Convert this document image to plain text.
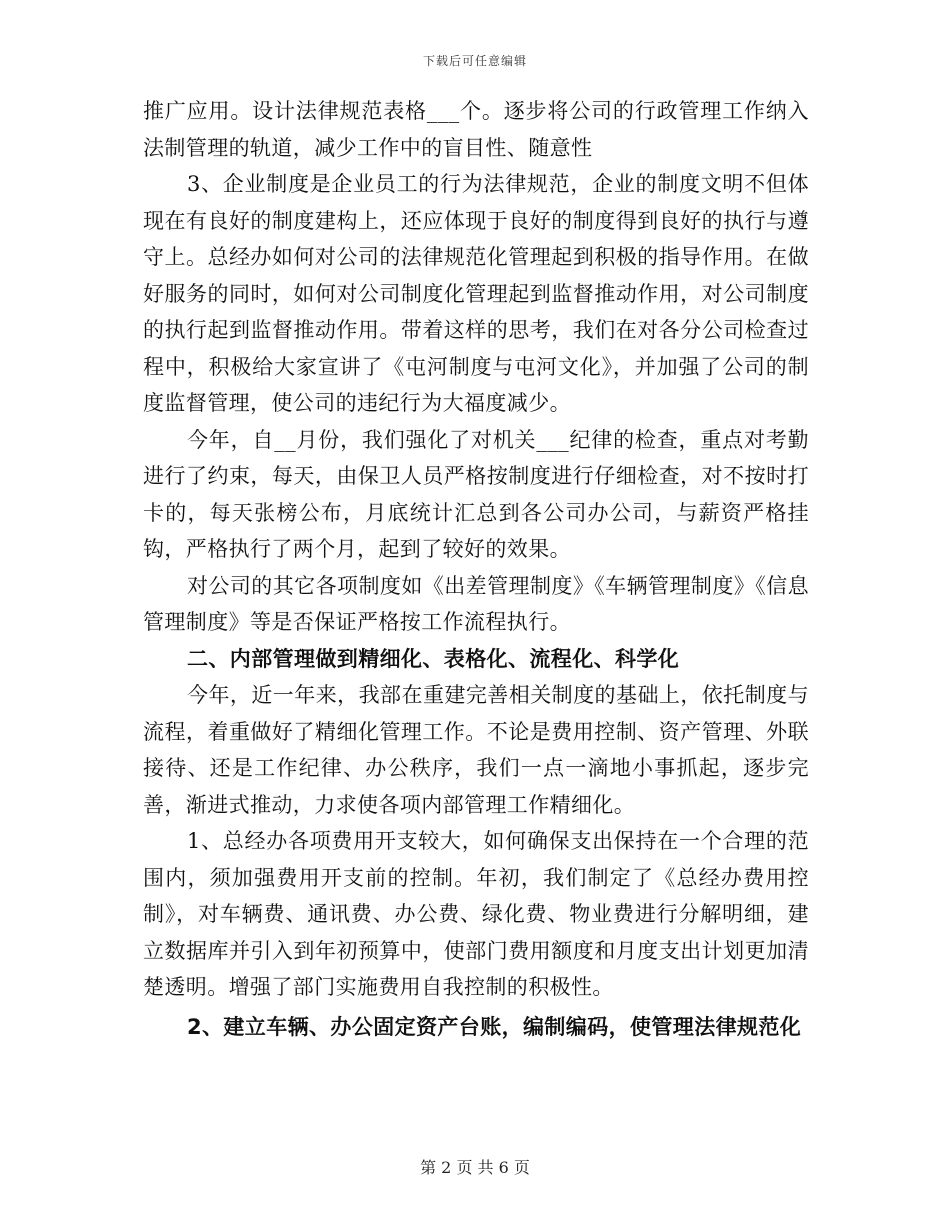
下载后可任意编辑

推广应用。设计法律规范表格___个。逐步将公司的行政管理工作纳入法制管理的轨道，减少工作中的盲目性、随意性

3、企业制度是企业员工的行为法律规范，企业的制度文明不但体现在有良好的制度建构上，还应体现于良好的制度得到良好的执行与遵守上。总经办如何对公司的法律规范化管理起到积极的指导作用。在做好服务的同时，如何对公司制度化管理起到监督推动作用，对公司制度的执行起到监督推动作用。带着这样的思考，我们在对各分公司检查过程中，积极给大家宣讲了《屯河制度与屯河文化》，并加强了公司的制度监督管理，使公司的违纪行为大福度减少。

今年，自__月份，我们强化了对机关___纪律的检查，重点对考勤进行了约束，每天，由保卫人员严格按制度进行仔细检查，对不按时打卡的，每天张榜公布，月底统计汇总到各公司办公司，与薪资严格挂钩，严格执行了两个月，起到了较好的效果。

对公司的其它各项制度如《出差管理制度》《车辆管理制度》《信息管理制度》等是否保证严格按工作流程执行。

二、内部管理做到精细化、表格化、流程化、科学化

今年，近一年来，我部在重建完善相关制度的基础上，依托制度与流程，着重做好了精细化管理工作。不论是费用控制、资产管理、外联接待、还是工作纪律、办公秩序，我们一点一滴地小事抓起，逐步完善，渐进式推动，力求使各项内部管理工作精细化。

1、总经办各项费用开支较大，如何确保支出保持在一个合理的范围内，须加强费用开支前的控制。年初，我们制定了《总经办费用控制》，对车辆费、通讯费、办公费、绿化费、物业费进行分解明细，建立数据库并引入到年初预算中，使部门费用额度和月度支出计划更加清楚透明。增强了部门实施费用自我控制的积极性。

2、建立车辆、办公固定资产台账，编制编码，使管理法律规范化

第 2 页 共 6 页
